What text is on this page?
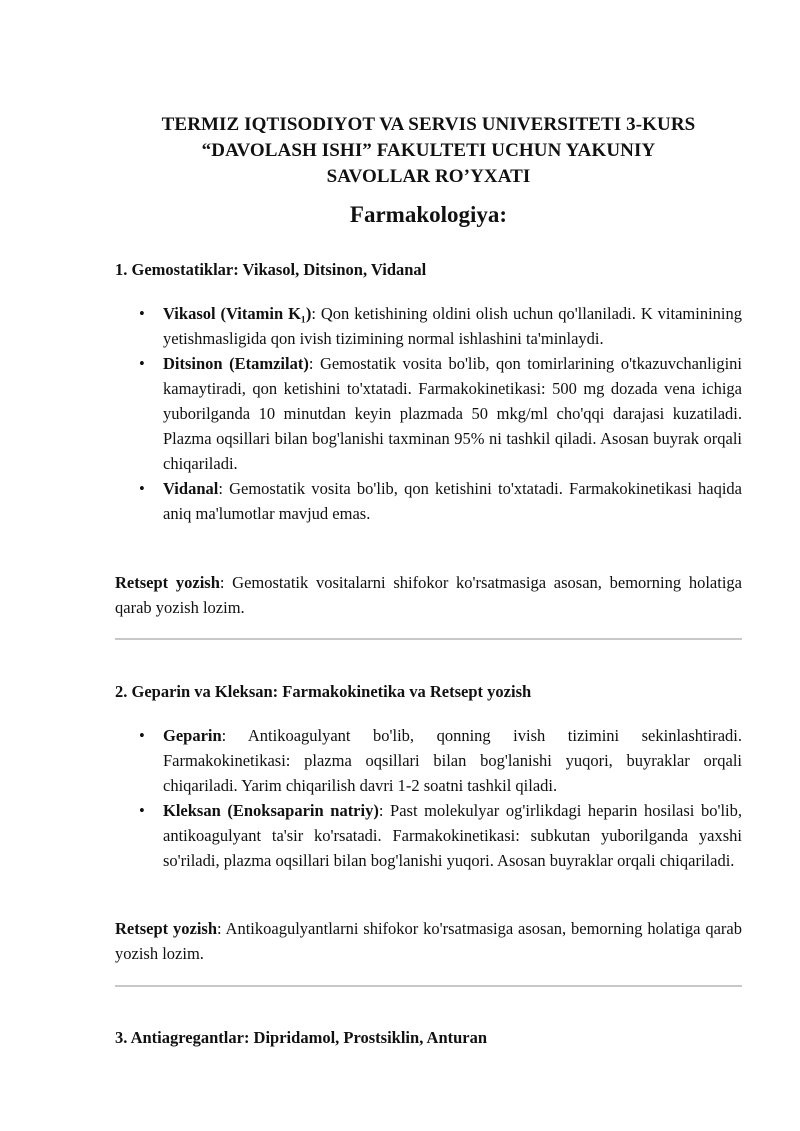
TERMIZ IQTISODIYOT VA SERVIS UNIVERSITETI 3-KURS
“DAVOLASH ISHI” FAKULTETI UCHUN YAKUNIY
SAVOLLAR RO’YXATI
Farmakologiya:
1. Gemostatiklar: Vikasol, Ditsinon, Vidanal
• Vikasol (Vitamin K₁): Qon ketishining oldini olish uchun qo'llaniladi. K vitaminining yetishmasligida qon ivish tizimining normal ishlashini ta'minlaydi.
• Ditsinon (Etamzilat): Gemostatik vosita bo'lib, qon tomirlarining o'tkazuvchanligini kamaytiradi, qon ketishini to'xtatadi. Farmakokinetikasi: 500 mg dozada vena ichiga yuborilganda 10 minutdan keyin plazmada 50 mkg/ml cho'qqi darajasi kuzatiladi. Plazma oqsillari bilan bog'lanishi taxminan 95% ni tashkil qiladi. Asosan buyrak orqali chiqariladi.
• Vidanal: Gemostatik vosita bo'lib, qon ketishini to'xtatadi. Farmakokinetikasi haqida aniq ma'lumotlar mavjud emas.

Retsept yozish: Gemostatik vositalarni shifokor ko'rsatmasiga asosan, bemorning holatiga qarab yozish lozim.

2. Geparin va Kleksan: Farmakokinetika va Retsept yozish
• Geparin: Antikoagulyant bo'lib, qonning ivish tizimini sekinlashtiradi. Farmakokinetikasi: plazma oqsillari bilan bog'lanishi yuqori, buyraklar orqali chiqariladi. Yarim chiqarilish davri 1-2 soatni tashkil qiladi.
• Kleksan (Enoksaparin natriy): Past molekulyar og'irlikdagi heparin hosilasi bo'lib, antikoagulyant ta'sir ko'rsatadi. Farmakokinetikasi: subkutan yuborilganda yaxshi so'riladi, plazma oqsillari bilan bog'lanishi yuqori. Asosan buyraklar orqali chiqariladi.

Retsept yozish: Antikoagulyantlarni shifokor ko'rsatmasiga asosan, bemorning holatiga qarab yozish lozim.

3. Antiagregantlar: Dipridamol, Prostsiklin, Anturan
